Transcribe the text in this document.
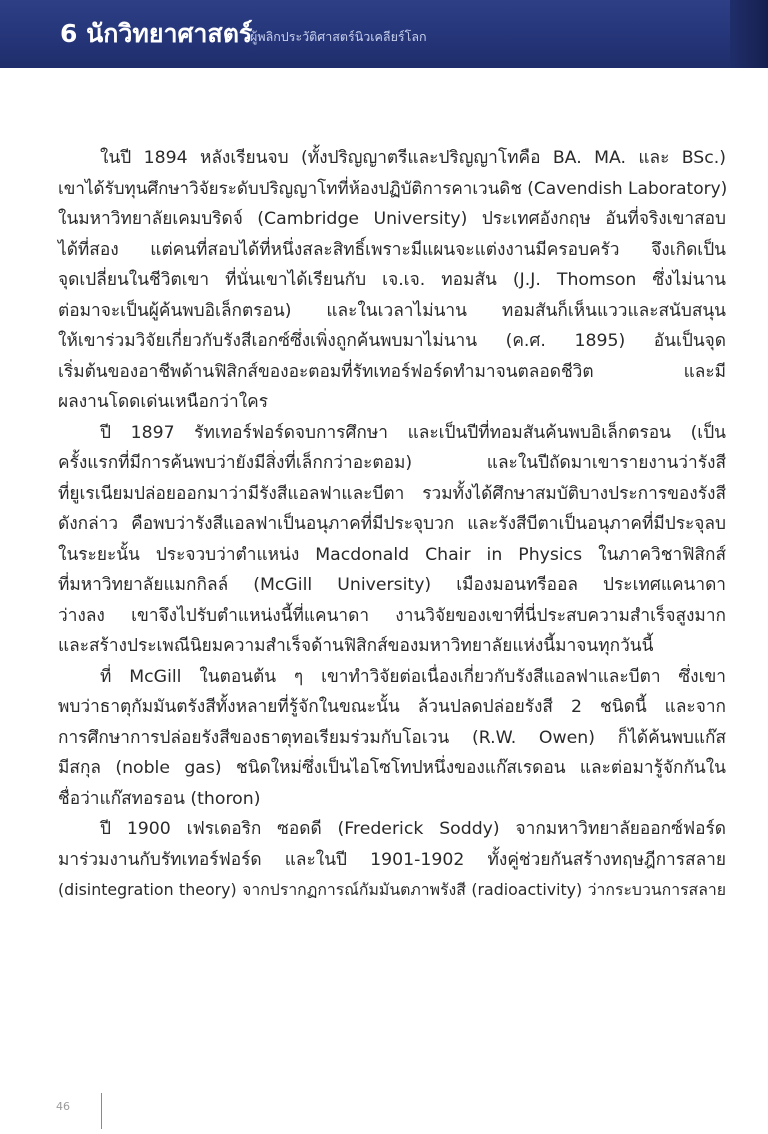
6 นักวิทยาศาสตร์
ผู้พลิกประวัติศาสตร์นิวเคลียร์โลก
ในปี 1894 หลังเรียนจบ (ทั้งปริญญาตรีและปริญญาโทคือ BA. MA. และ BSc.)
เขาได้รับทุนศึกษาวิจัยระดับปริญญาโทที่ห้องปฏิบัติการคาเวนดิช (Cavendish Laboratory)
ในมหาวิทยาลัยเคมบริดจ์ (Cambridge University) ประเทศอังกฤษ อันที่จริงเขาสอบ
ได้ที่สอง แต่คนที่สอบได้ที่หนึ่งสละสิทธิ์เพราะมีแผนจะแต่งงานมีครอบครัว จึงเกิดเป็น
จุดเปลี่ยนในชีวิตเขา ที่นั่นเขาได้เรียนกับ เจ.เจ. ทอมสัน (J.J. Thomson ซึ่งไม่นาน
ต่อมาจะเป็นผู้ค้นพบอิเล็กตรอน) และในเวลาไม่นาน ทอมสันก็เห็นแววและสนับสนุน
ให้เขาร่วมวิจัยเกี่ยวกับรังสีเอกซ์ซึ่งเพิ่งถูกค้นพบมาไม่นาน (ค.ศ. 1895) อันเป็นจุด
เริ่มต้นของอาชีพด้านฟิสิกส์ของอะตอมที่รัทเทอร์ฟอร์ดทำมาจนตลอดชีวิต และมี
ผลงานโดดเด่นเหนือกว่าใคร
ปี 1897 รัทเทอร์ฟอร์ดจบการศึกษา และเป็นปีที่ทอมสันค้นพบอิเล็กตรอน (เป็น
ครั้งแรกที่มีการค้นพบว่ายังมีสิ่งที่เล็กกว่าอะตอม) และในปีถัดมาเขารายงานว่ารังสี
ที่ยูเรเนียมปล่อยออกมาว่ามีรังสีแอลฟาและบีตา รวมทั้งได้ศึกษาสมบัติบางประการของรังสี
ดังกล่าว คือพบว่ารังสีแอลฟาเป็นอนุภาคที่มีประจุบวก และรังสีบีตาเป็นอนุภาคที่มีประจุลบ
ในระยะนั้น ประจวบว่าตำแหน่ง Macdonald Chair in Physics ในภาควิชาฟิสิกส์
ที่มหาวิทยาลัยแมกกิลล์ (McGill University) เมืองมอนทรีออล ประเทศแคนาดา
ว่างลง เขาจึงไปรับตำแหน่งนี้ที่แคนาดา งานวิจัยของเขาที่นี่ประสบความสำเร็จสูงมาก
และสร้างประเพณีนิยมความสำเร็จด้านฟิสิกส์ของมหาวิทยาลัยแห่งนี้มาจนทุกวันนี้
ที่ McGill ในตอนต้น ๆ เขาทำวิจัยต่อเนื่องเกี่ยวกับรังสีแอลฟาและบีตา ซึ่งเขา
พบว่าธาตุกัมมันตรังสีทั้งหลายที่รู้จักในขณะนั้น ล้วนปลดปล่อยรังสี 2 ชนิดนี้ และจาก
การศึกษาการปล่อยรังสีของธาตุทอเรียมร่วมกับโอเวน (R.W. Owen) ก็ได้ค้นพบแก๊ส
มีสกุล (noble gas) ชนิดใหม่ซึ่งเป็นไอโซโทปหนึ่งของแก๊สเรดอน และต่อมารู้จักกันใน
ชื่อว่าแก๊สทอรอน (thoron)
ปี 1900 เฟรเดอริก ซอดดี (Frederick Soddy) จากมหาวิทยาลัยออกซ์ฟอร์ด
มาร่วมงานกับรัทเทอร์ฟอร์ด และในปี 1901-1902 ทั้งคู่ช่วยกันสร้างทฤษฎีการสลาย
(disintegration theory) จากปรากฏการณ์กัมมันตภาพรังสี (radioactivity) ว่ากระบวนการสลาย
46
